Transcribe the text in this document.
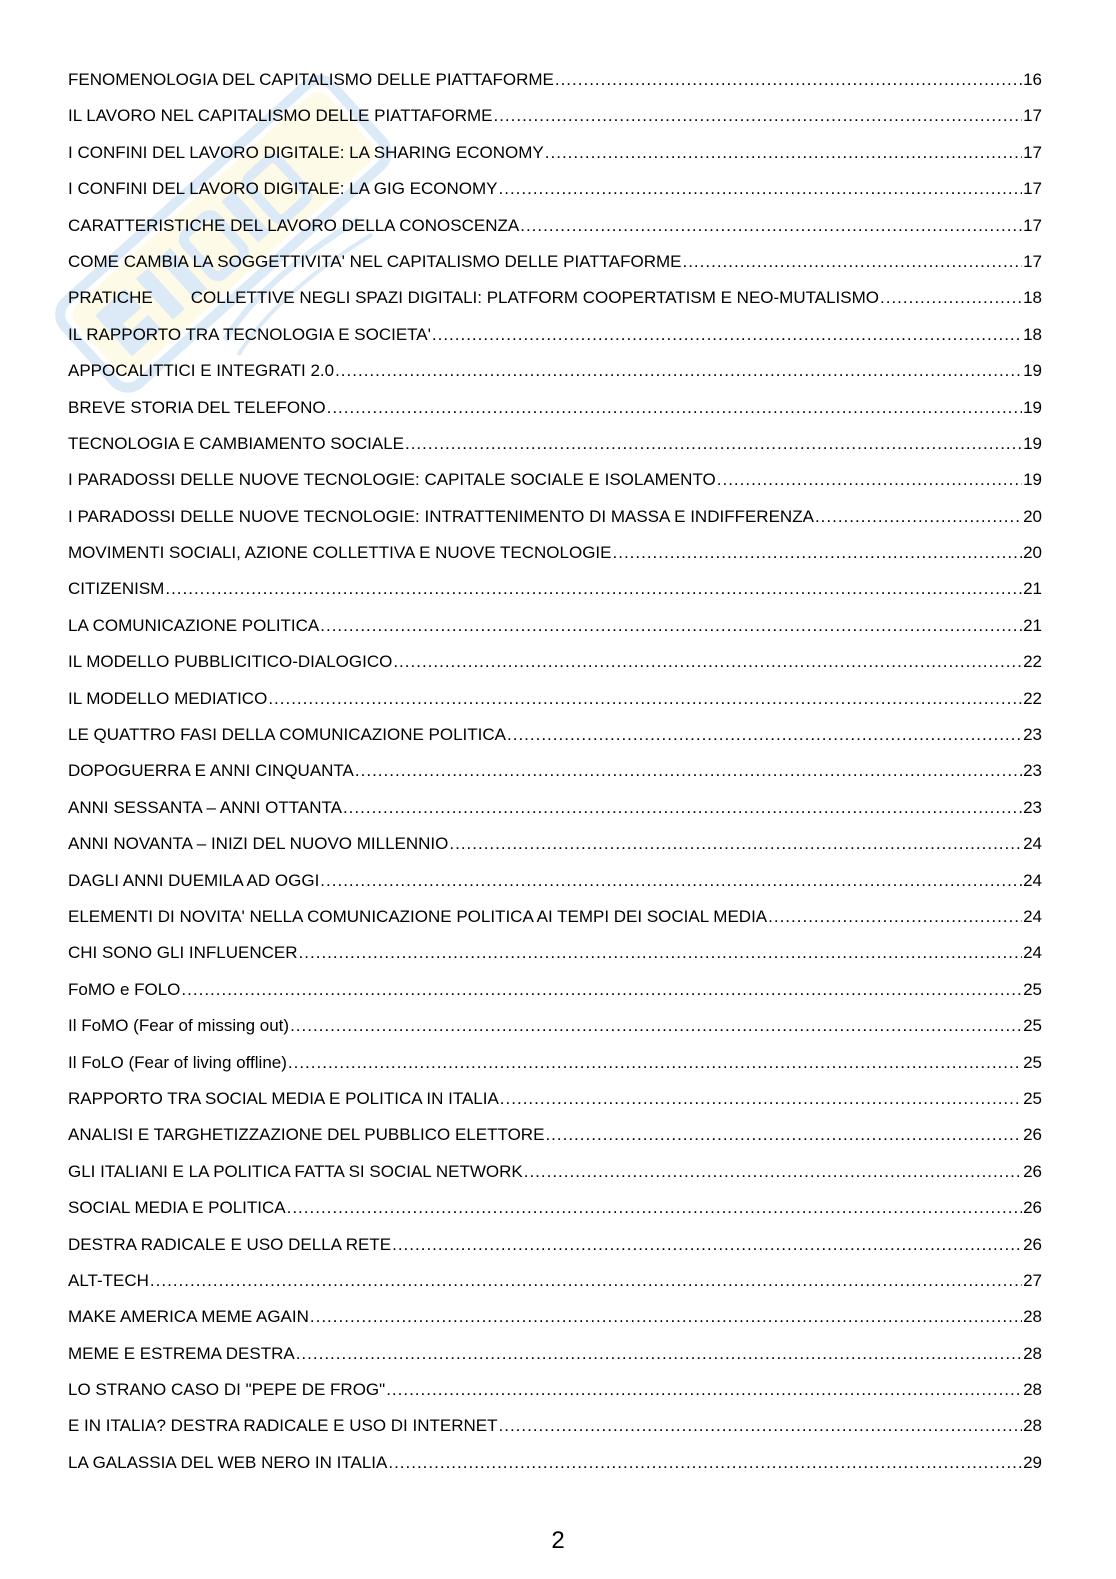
FENOMENOLOGIA DEL CAPITALISMO DELLE PIATTAFORME .....	16
IL LAVORO NEL CAPITALISMO DELLE PIATTAFORME .....	17
I CONFINI DEL LAVORO DIGITALE: LA SHARING ECONOMY .....	17
I CONFINI DEL LAVORO DIGITALE: LA GIG ECONOMY .....	17
CARATTERISTICHE DEL LAVORO DELLA CONOSCENZA .....	17
COME CAMBIA LA SOGGETTIVITA' NEL CAPITALISMO DELLE PIATTAFORME .....	17
PRATICHE COLLETTIVE NEGLI SPAZI DIGITALI: PLATFORM COOPERTATISM E NEO-MUTALISMO .....	18
IL RAPPORTO TRA TECNOLOGIA E SOCIETA' .....	18
APPOCALITTICI E INTEGRATI 2.0 .....	19
BREVE STORIA DEL TELEFONO .....	19
TECNOLOGIA E CAMBIAMENTO SOCIALE .....	19
I PARADOSSI DELLE NUOVE TECNOLOGIE: CAPITALE SOCIALE E ISOLAMENTO .....	19
I PARADOSSI DELLE NUOVE TECNOLOGIE: INTRATTENIMENTO DI MASSA E INDIFFERENZA .....	20
MOVIMENTI SOCIALI, AZIONE COLLETTIVA E NUOVE TECNOLOGIE .....	20
CITIZENISM .....	21
LA COMUNICAZIONE POLITICA .....	21
IL MODELLO PUBBLICITICO-DIALOGICO .....	22
IL MODELLO MEDIATICO .....	22
LE QUATTRO FASI DELLA COMUNICAZIONE POLITICA .....	23
DOPOGUERRA E ANNI CINQUANTA .....	23
ANNI SESSANTA – ANNI OTTANTA .....	23
ANNI NOVANTA – INIZI DEL NUOVO MILLENNIO .....	24
DAGLI ANNI DUEMILA AD OGGI .....	24
ELEMENTI DI NOVITA' NELLA COMUNICAZIONE POLITICA AI TEMPI DEI SOCIAL MEDIA .....	24
CHI SONO GLI INFLUENCER .....	24
FoMO e FOLO .....	25
Il FoMO (Fear of missing out) .....	25
Il FoLO (Fear of living offline) .....	25
RAPPORTO TRA SOCIAL MEDIA E POLITICA IN ITALIA .....	25
ANALISI E TARGHETIZZAZIONE DEL PUBBLICO ELETTORE .....	26
GLI ITALIANI E LA POLITICA FATTA SI SOCIAL NETWORK .....	26
SOCIAL MEDIA E POLITICA .....	26
DESTRA RADICALE E USO DELLA RETE .....	26
ALT-TECH .....	27
MAKE AMERICA MEME AGAIN .....	28
MEME E ESTREMA DESTRA .....	28
LO STRANO CASO DI "PEPE DE FROG" .....	28
E IN ITALIA? DESTRA RADICALE E USO DI INTERNET .....	28
LA GALASSIA DEL WEB NERO IN ITALIA .....	29
2
